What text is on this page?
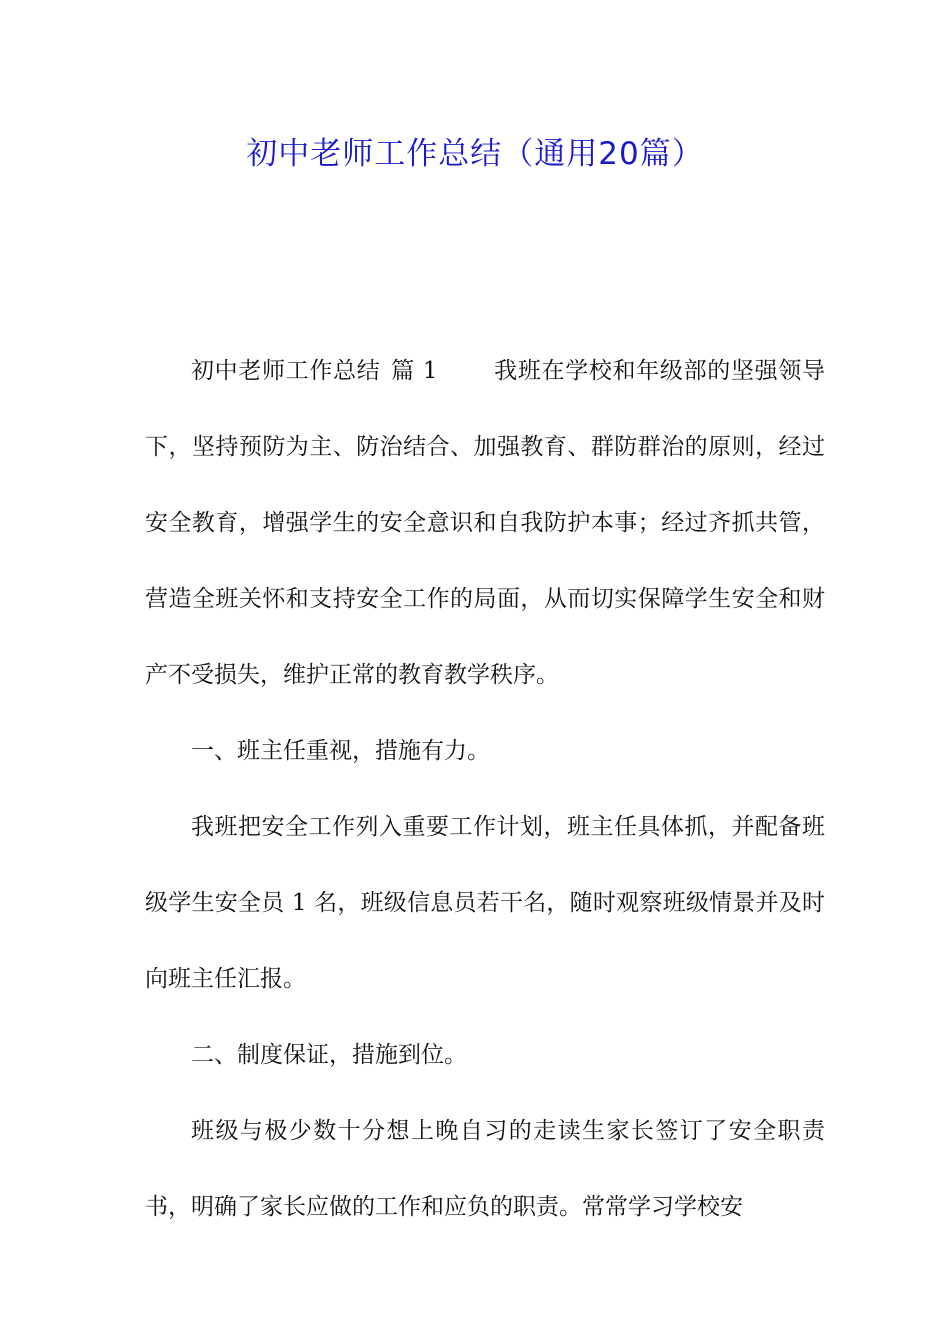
初中老师工作总结（通用20篇）

初中老师工作总结 篇 1 我班在学校和年级部的坚强领导下，坚持预防为主、防治结合、加强教育、群防群治的原则，经过安全教育，增强学生的安全意识和自我防护本事；经过齐抓共管，营造全班关怀和支持安全工作的局面，从而切实保障学生安全和财产不受损失，维护正常的教育教学秩序。

一、班主任重视，措施有力。

我班把安全工作列入重要工作计划，班主任具体抓，并配备班级学生安全员 1 名，班级信息员若干名，随时观察班级情景并及时向班主任汇报。

二、制度保证，措施到位。

班级与极少数十分想上晚自习的走读生家长签订了安全职责书，明确了家长应做的工作和应负的职责。常常学习学校安
